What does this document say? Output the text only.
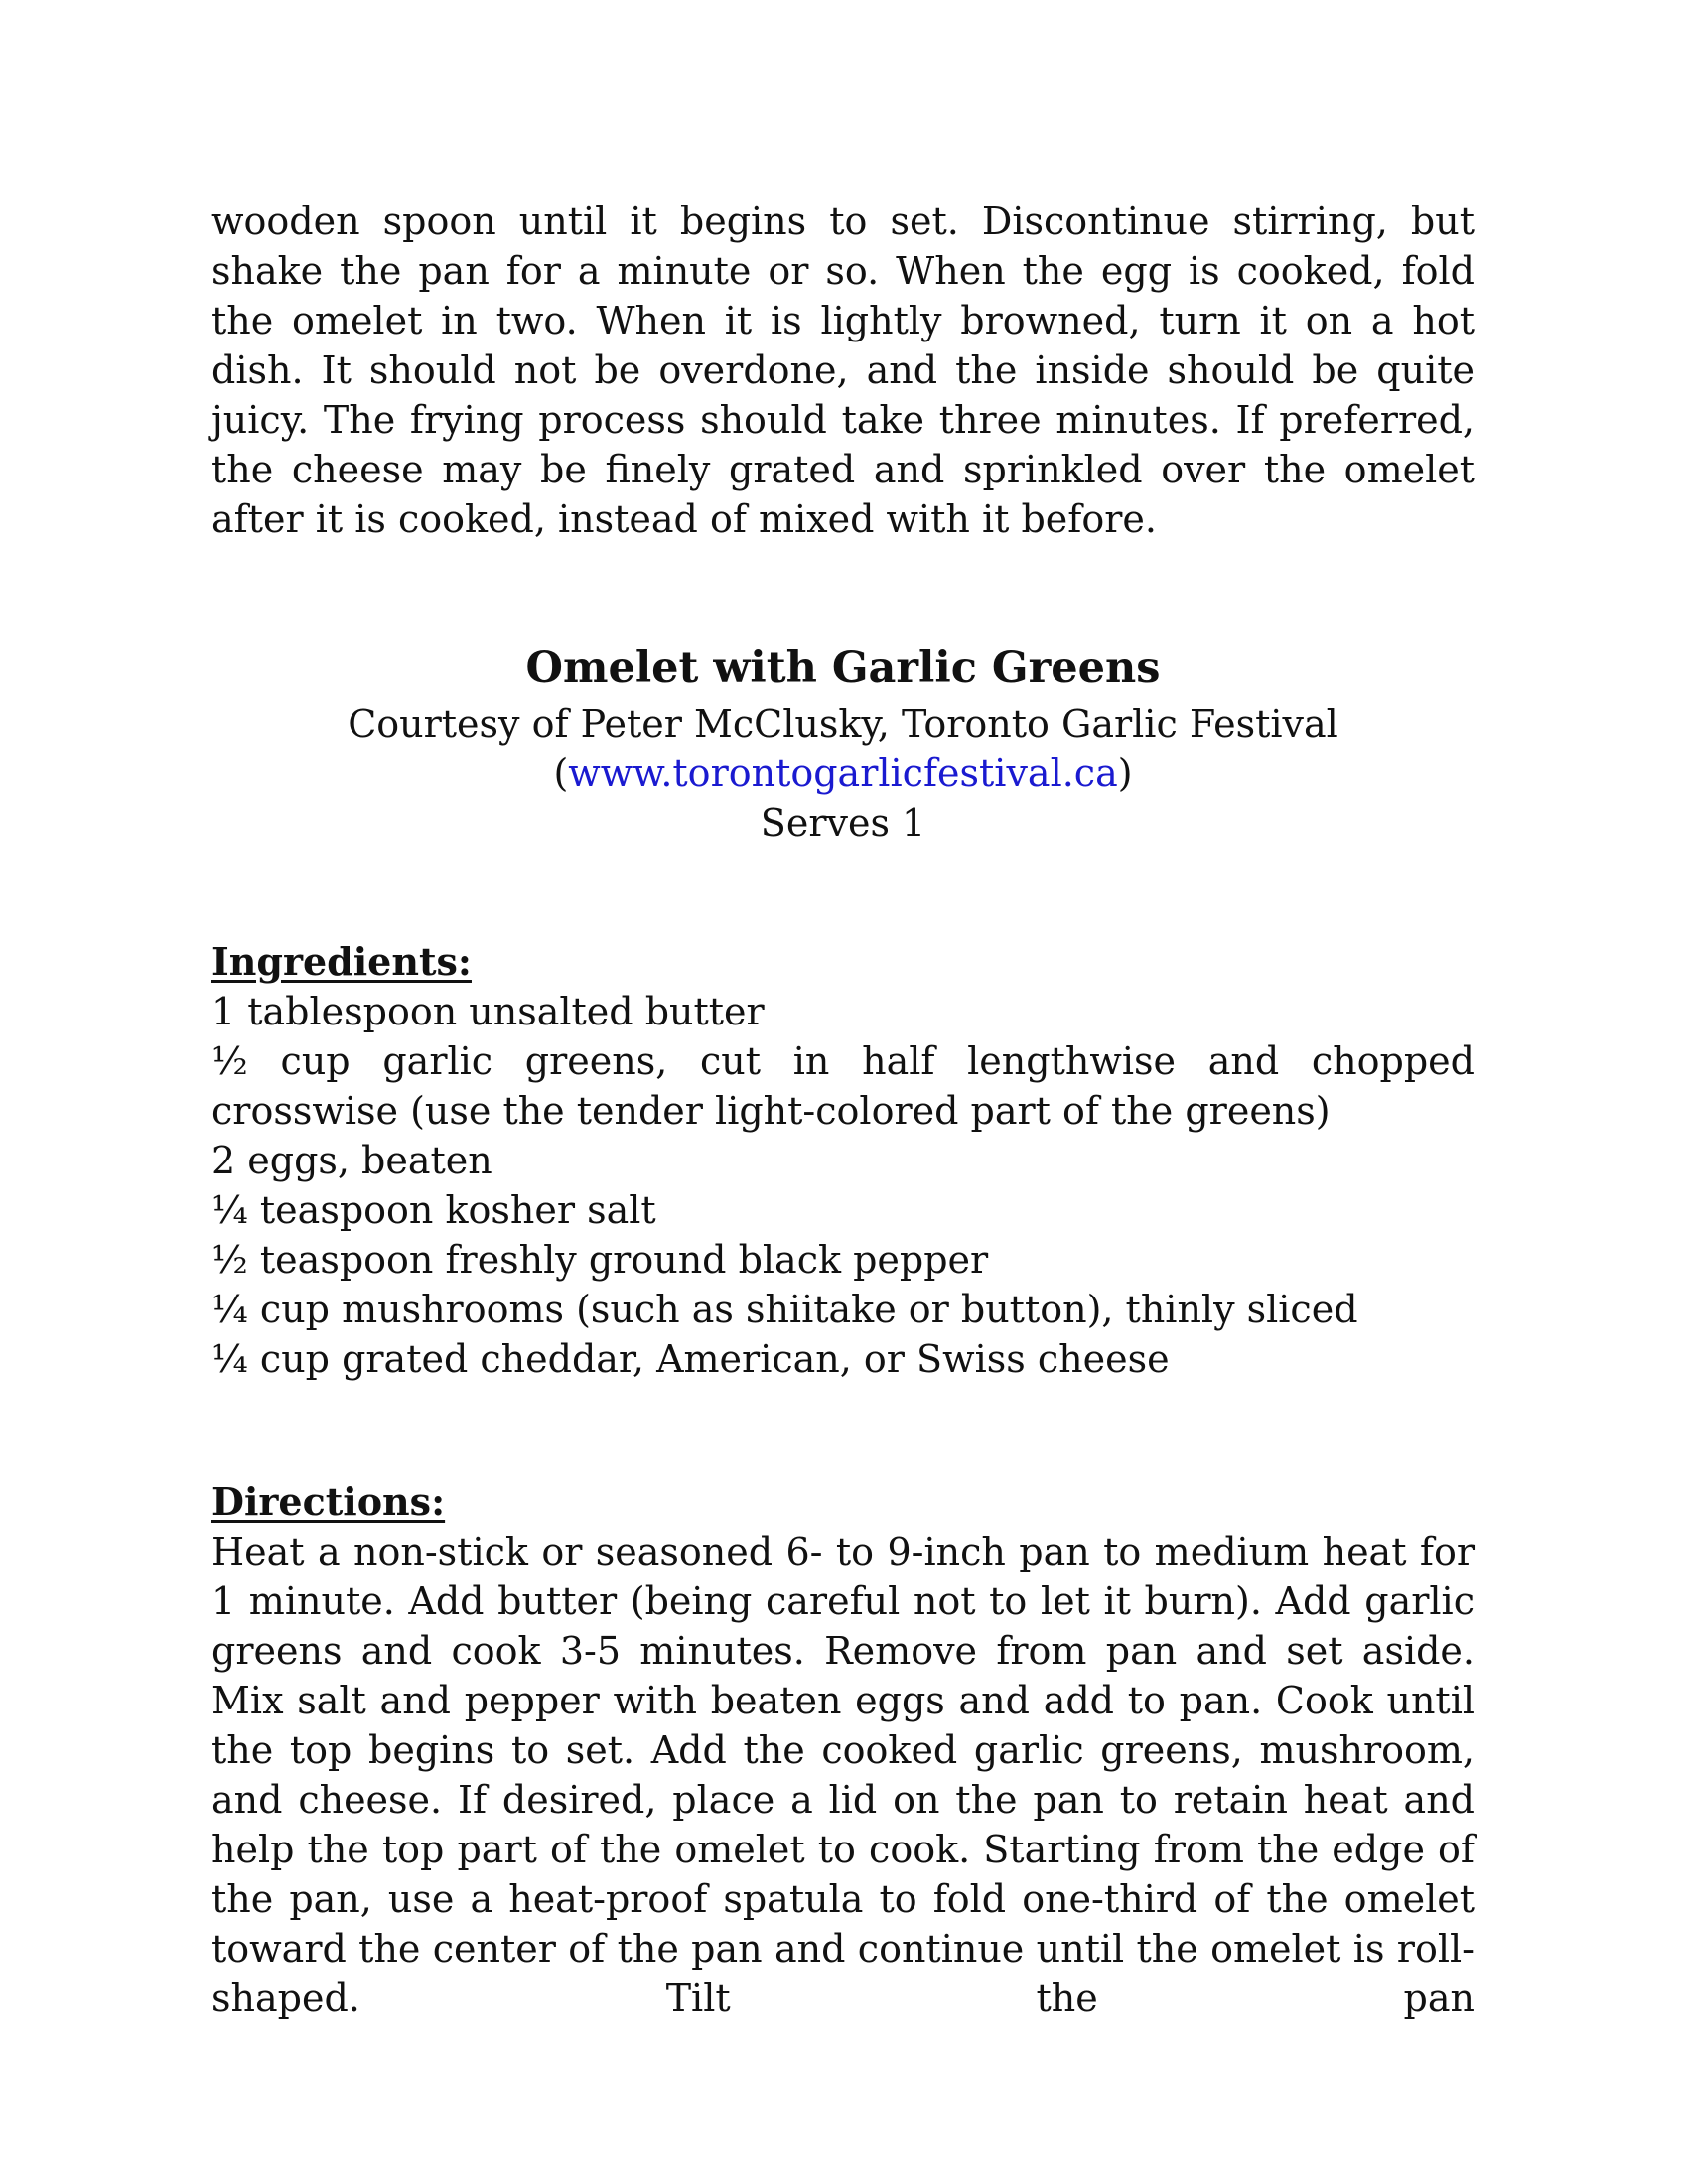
wooden spoon until it begins to set. Discontinue stirring, but shake the pan for a minute or so. When the egg is cooked, fold the omelet in two. When it is lightly browned, turn it on a hot dish. It should not be overdone, and the inside should be quite juicy. The frying process should take three minutes. If preferred, the cheese may be finely grated and sprinkled over the omelet after it is cooked, instead of mixed with it before.

Omelet with Garlic Greens

Courtesy of Peter McClusky, Toronto Garlic Festival

(www.torontogarlicfestival.ca)

Serves 1

Ingredients:

1 tablespoon unsalted butter

½ cup garlic greens, cut in half lengthwise and chopped crosswise (use the tender light-colored part of the greens)

2 eggs, beaten

¼ teaspoon kosher salt

½ teaspoon freshly ground black pepper

¼ cup mushrooms (such as shiitake or button), thinly sliced

¼ cup grated cheddar, American, or Swiss cheese

Directions:

Heat a non-stick or seasoned 6- to 9-inch pan to medium heat for 1 minute. Add butter (being careful not to let it burn). Add garlic greens and cook 3-5 minutes. Remove from pan and set aside. Mix salt and pepper with beaten eggs and add to pan. Cook until the top begins to set. Add the cooked garlic greens, mushroom, and cheese. If desired, place a lid on the pan to retain heat and help the top part of the omelet to cook. Starting from the edge of the pan, use a heat-proof spatula to fold one-third of the omelet toward the center of the pan and continue until the omelet is roll-shaped. Tilt the pan
